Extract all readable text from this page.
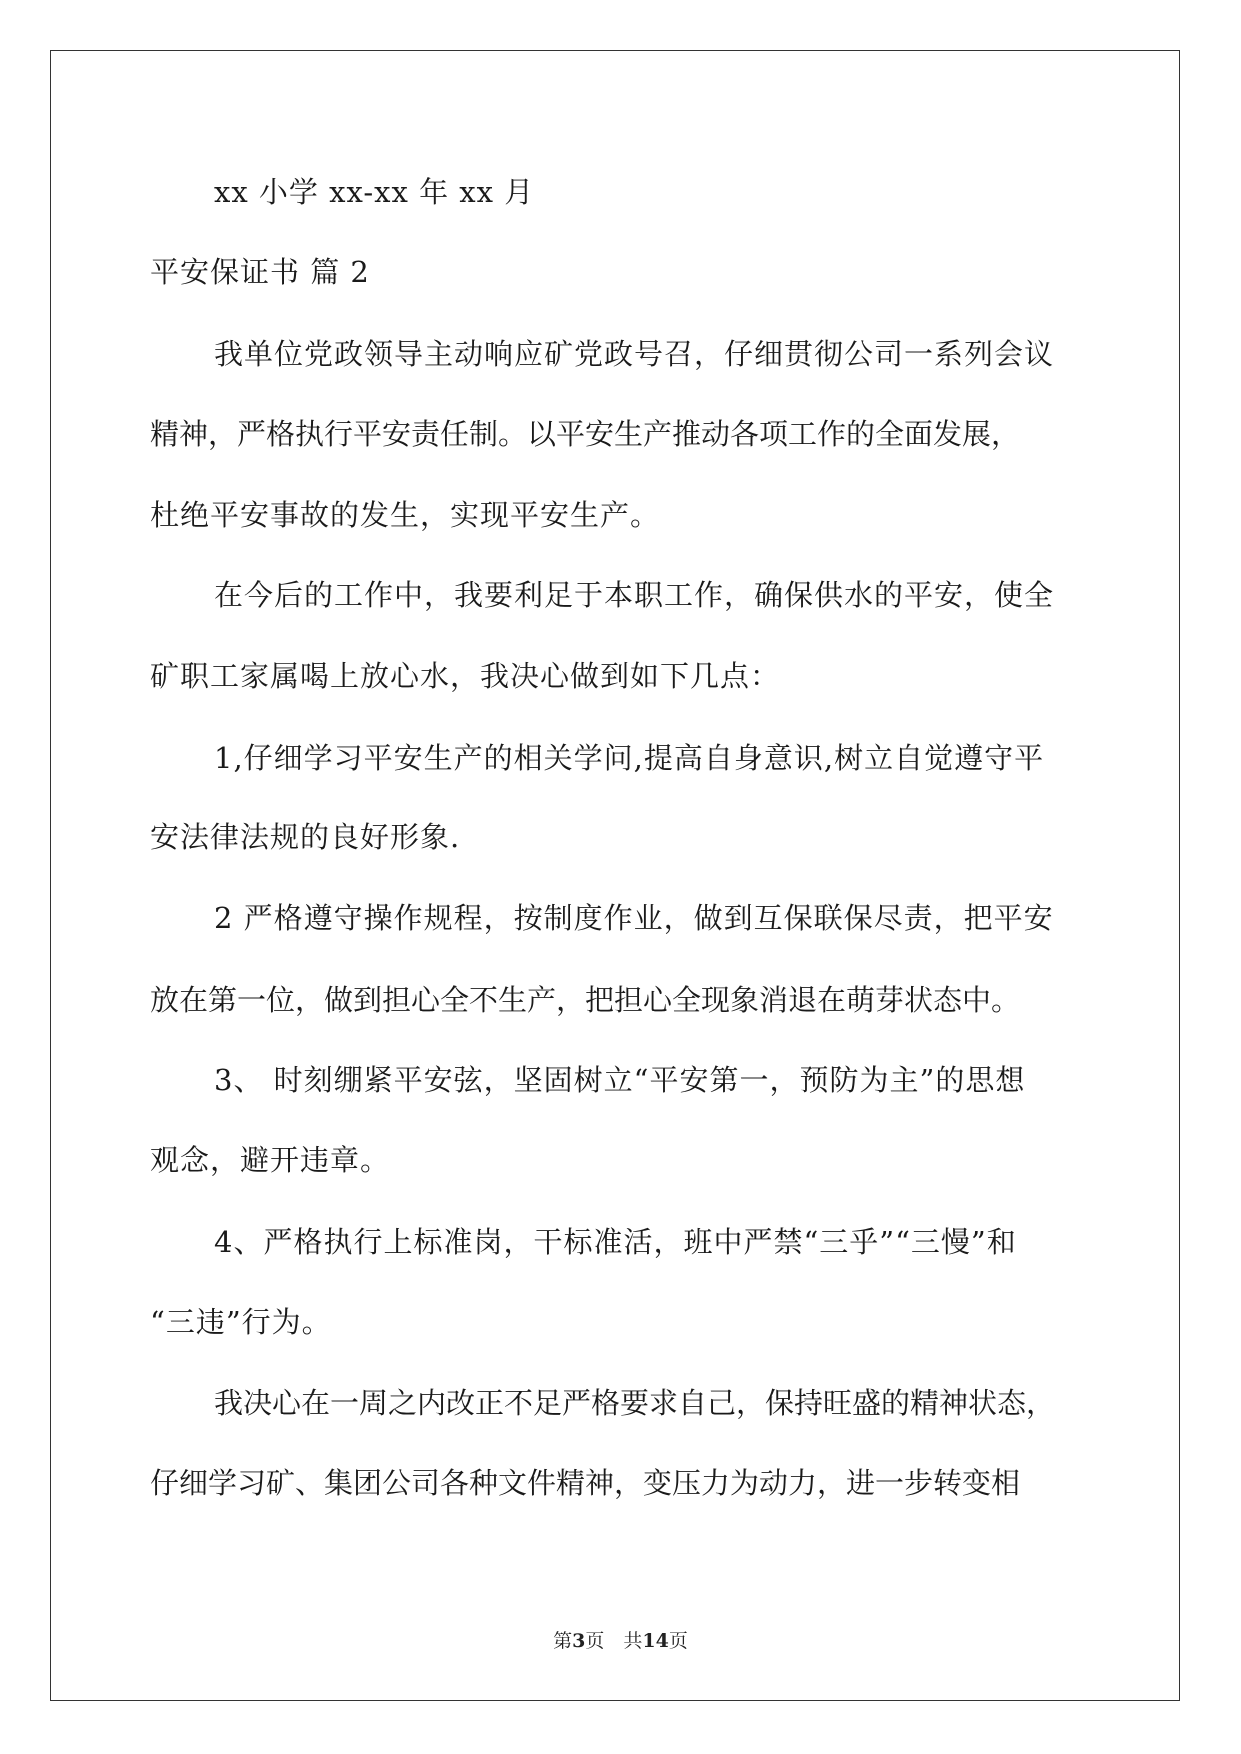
xx 小学 xx-xx 年 xx 月
平安保证书 篇 2
我单位党政领导主动响应矿党政号召，仔细贯彻公司一系列会议
精神，严格执行平安责任制。以平安生产推动各项工作的全面发展，
杜绝平安事故的发生，实现平安生产。
在今后的工作中，我要利足于本职工作，确保供水的平安，使全
矿职工家属喝上放心水，我决心做到如下几点：
1,仔细学习平安生产的相关学问,提高自身意识,树立自觉遵守平
安法律法规的良好形象.
2 严格遵守操作规程，按制度作业，做到互保联保尽责，把平安
放在第一位，做到担心全不生产，把担心全现象消退在萌芽状态中。
3、 时刻绷紧平安弦，坚固树立“平安第一，预防为主”的思想
观念，避开违章。
4、严格执行上标准岗，干标准活，班中严禁“三乎”“三慢”和
“三违”行为。
我决心在一周之内改正不足严格要求自己，保持旺盛的精神状态，
仔细学习矿、集团公司各种文件精神，变压力为动力，进一步转变相
第3页　共14页
